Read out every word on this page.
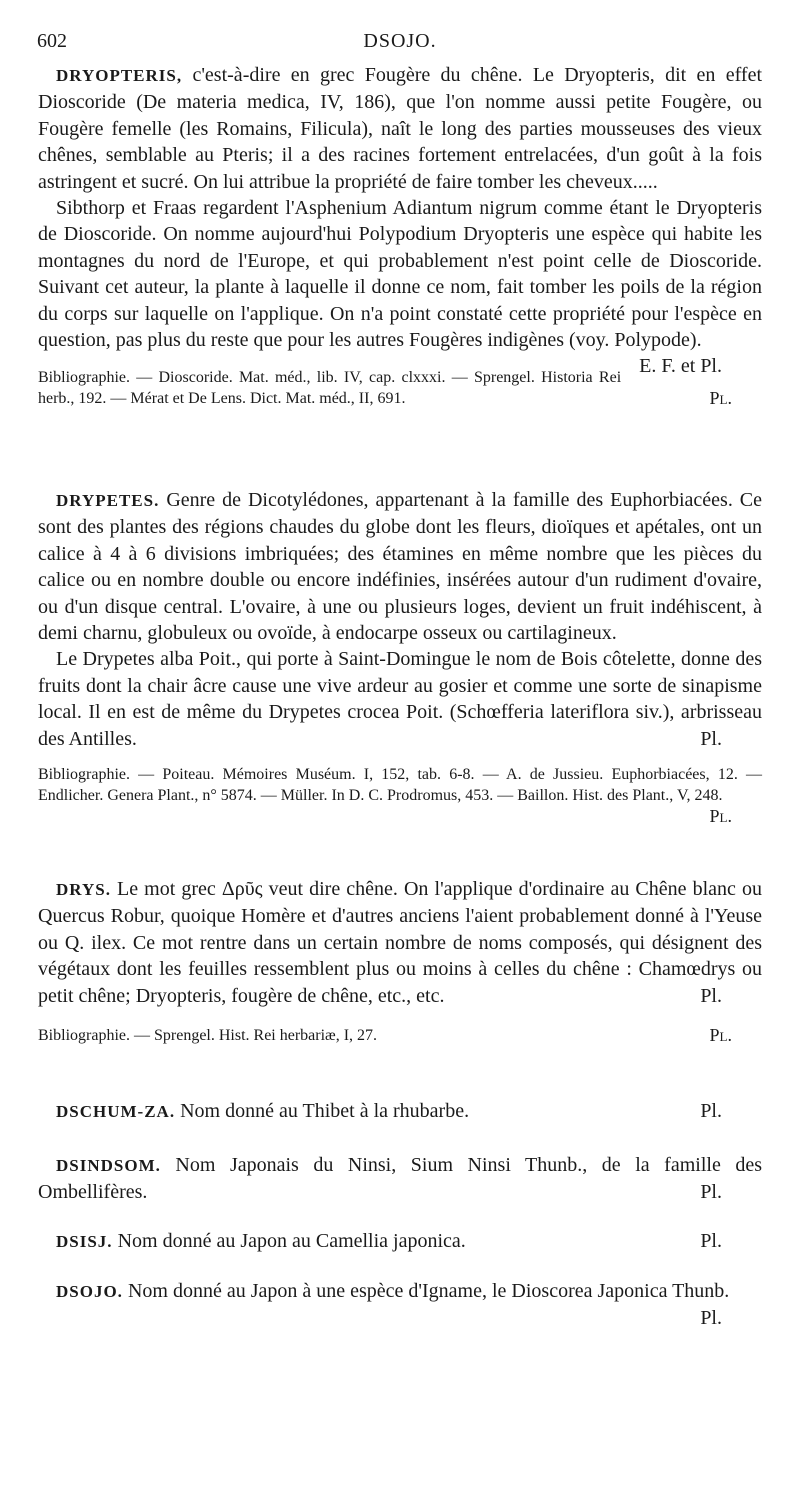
602	DSOJO.

DRYOPTERIS, c'est-à-dire en grec Fougère du chêne. Le Dryopteris, dit en effet Dioscoride (De materia medica, IV, 186), que l'on nomme aussi petite Fougère, ou Fougère femelle (les Romains, Filicula), naît le long des parties mousseuses des vieux chênes, semblable au Pteris; il a des racines fortement entrelacées, d'un goût à la fois astringent et sucré. On lui attribue la propriété de faire tomber les cheveux.....

Sibthorp et Fraas regardent l'Asphenium Adiantum nigrum comme étant le Dryopteris de Dioscoride. On nomme aujourd'hui Polypodium Dryopteris une espèce qui habite les montagnes du nord de l'Europe, et qui probablement n'est point celle de Dioscoride. Suivant cet auteur, la plante à laquelle il donne ce nom, fait tomber les poils de la région du corps sur laquelle on l'applique. On n'a point constaté cette propriété pour l'espèce en question, pas plus du reste que pour les autres Fougères indigènes (voy. Polypode).
E. F. et Pl.

Bibliographie. — Dioscoride. Mat. méd., lib. IV, cap. clxxxi. — Sprengel. Historia Rei herb., 192. — Mérat et De Lens. Dict. Mat. méd., II, 691.	Pl.

DRYPETES. Genre de Dicotylédones, appartenant à la famille des Euphorbiacées. Ce sont des plantes des régions chaudes du globe dont les fleurs, dioïques et apétales, ont un calice à 4 à 6 divisions imbriquées; des étamines en même nombre que les pièces du calice ou en nombre double ou encore indéfinies, insérées autour d'un rudiment d'ovaire, ou d'un disque central. L'ovaire, à une ou plusieurs loges, devient un fruit indéhiscent, à demi charnu, globuleux ou ovoïde, à endocarpe osseux ou cartilagineux.

Le Drypetes alba Poit., qui porte à Saint-Domingue le nom de Bois côtelette, donne des fruits dont la chair âcre cause une vive ardeur au gosier et comme une sorte de sinapisme local. Il en est de même du Drypetes crocea Poit. (Schœfferia lateriflora siv.), arbrisseau des Antilles.	Pl.

Bibliographie. — Poiteau. Mémoires Muséum. I, 152, tab. 6-8. — A. de Jussieu. Euphorbiacées, 12. — Endlicher. Genera Plant., n° 5874. — Müller. In D. C. Prodromus, 453. — Baillon. Hist. des Plant., V, 248.
Pl.

DRYS. Le mot grec Δρῦς veut dire chêne. On l'applique d'ordinaire au Chêne blanc ou Quercus Robur, quoique Homère et d'autres anciens l'aient probablement donné à l'Yeuse ou Q. ilex. Ce mot rentre dans un certain nombre de noms composés, qui désignent des végétaux dont les feuilles ressemblent plus ou moins à celles du chêne : Chamœdrys ou petit chêne; Dryopteris, fougère de chêne, etc., etc.	Pl.

Bibliographie. — Sprengel. Hist. Rei herbariæ, I, 27.	Pl.

DSCHUM-ZA. Nom donné au Thibet à la rhubarbe.	Pl.

DSINDSOM. Nom Japonais du Ninsi, Sium Ninsi Thunb., de la famille des Ombellifères.	Pl.

DSISJ. Nom donné au Japon au Camellia japonica.	Pl.

DSOJO. Nom donné au Japon à une espèce d'Igname, le Dioscorea Japonica Thunb.
Pl.
